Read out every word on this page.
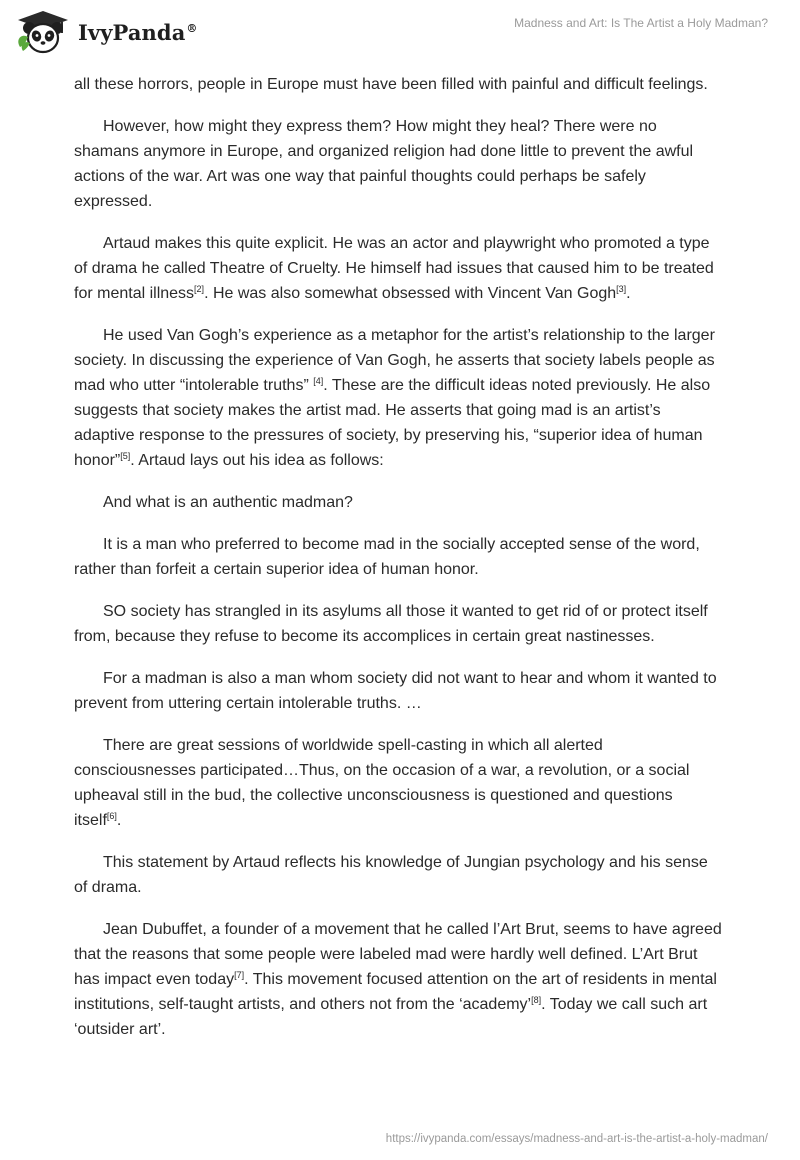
IvyPanda®	Madness and Art: Is The Artist a Holy Madman?

all these horrors, people in Europe must have been filled with painful and difficult feelings.

However, how might they express them? How might they heal? There were no shamans anymore in Europe, and organized religion had done little to prevent the awful actions of the war. Art was one way that painful thoughts could perhaps be safely expressed.

Artaud makes this quite explicit. He was an actor and playwright who promoted a type of drama he called Theatre of Cruelty. He himself had issues that caused him to be treated for mental illness[2]. He was also somewhat obsessed with Vincent Van Gogh[3].

He used Van Gogh’s experience as a metaphor for the artist’s relationship to the larger society. In discussing the experience of Van Gogh, he asserts that society labels people as mad who utter “intolerable truths” [4]. These are the difficult ideas noted previously. He also suggests that society makes the artist mad. He asserts that going mad is an artist’s adaptive response to the pressures of society, by preserving his, “superior idea of human honor”[5]. Artaud lays out his idea as follows:

And what is an authentic madman?

It is a man who preferred to become mad in the socially accepted sense of the word, rather than forfeit a certain superior idea of human honor.

SO society has strangled in its asylums all those it wanted to get rid of or protect itself from, because they refuse to become its accomplices in certain great nastinesses.

For a madman is also a man whom society did not want to hear and whom it wanted to prevent from uttering certain intolerable truths. …

There are great sessions of worldwide spell-casting in which all alerted consciousnesses participated…Thus, on the occasion of a war, a revolution, or a social upheaval still in the bud, the collective unconsciousness is questioned and questions itself[6].

This statement by Artaud reflects his knowledge of Jungian psychology and his sense of drama.

Jean Dubuffet, a founder of a movement that he called l’Art Brut, seems to have agreed that the reasons that some people were labeled mad were hardly well defined. L’Art Brut has impact even today[7]. This movement focused attention on the art of residents in mental institutions, self-taught artists, and others not from the ‘academy’[8]. Today we call such art ‘outsider art’.

https://ivypanda.com/essays/madness-and-art-is-the-artist-a-holy-madman/
